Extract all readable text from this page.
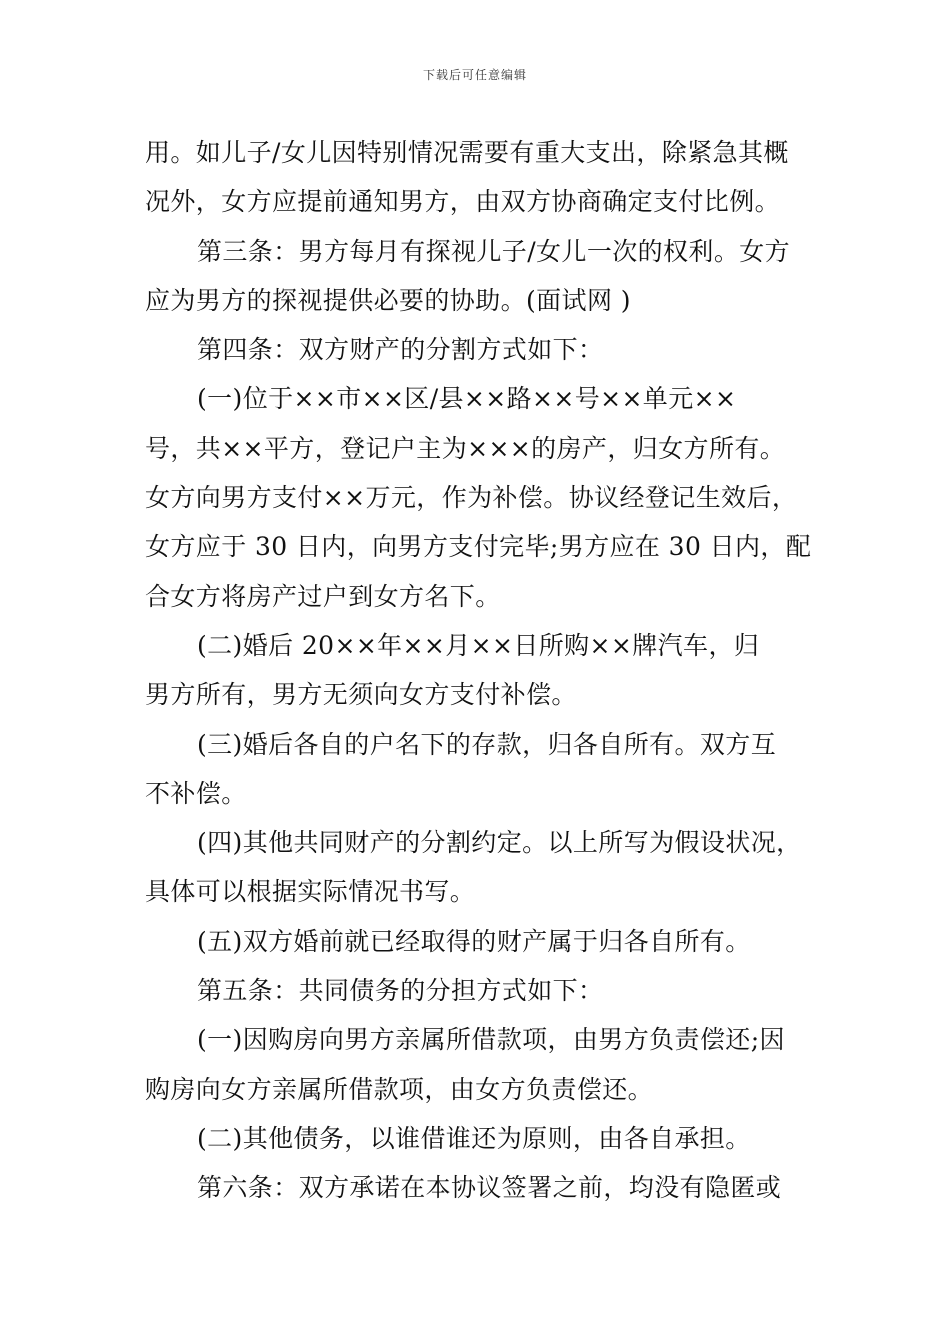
下载后可任意编辑
用。如儿子/女儿因特别情况需要有重大支出，除紧急其概
况外，女方应提前通知男方，由双方协商确定支付比例。
第三条：男方每月有探视儿子/女儿一次的权利。女方
应为男方的探视提供必要的协助。(面试网 )
第四条：双方财产的分割方式如下：
(一)位于××市××区/县××路××号××单元××
号，共××平方，登记户主为×××的房产，归女方所有。
女方向男方支付××万元，作为补偿。协议经登记生效后，
女方应于 30 日内，向男方支付完毕;男方应在 30 日内，配
合女方将房产过户到女方名下。
(二)婚后 20××年××月××日所购××牌汽车，归
男方所有，男方无须向女方支付补偿。
(三)婚后各自的户名下的存款，归各自所有。双方互
不补偿。
(四)其他共同财产的分割约定。以上所写为假设状况，
具体可以根据实际情况书写。
(五)双方婚前就已经取得的财产属于归各自所有。
第五条：共同债务的分担方式如下：
(一)因购房向男方亲属所借款项，由男方负责偿还;因
购房向女方亲属所借款项，由女方负责偿还。
(二)其他债务，以谁借谁还为原则，由各自承担。
第六条：双方承诺在本协议签署之前，均没有隐匿或
